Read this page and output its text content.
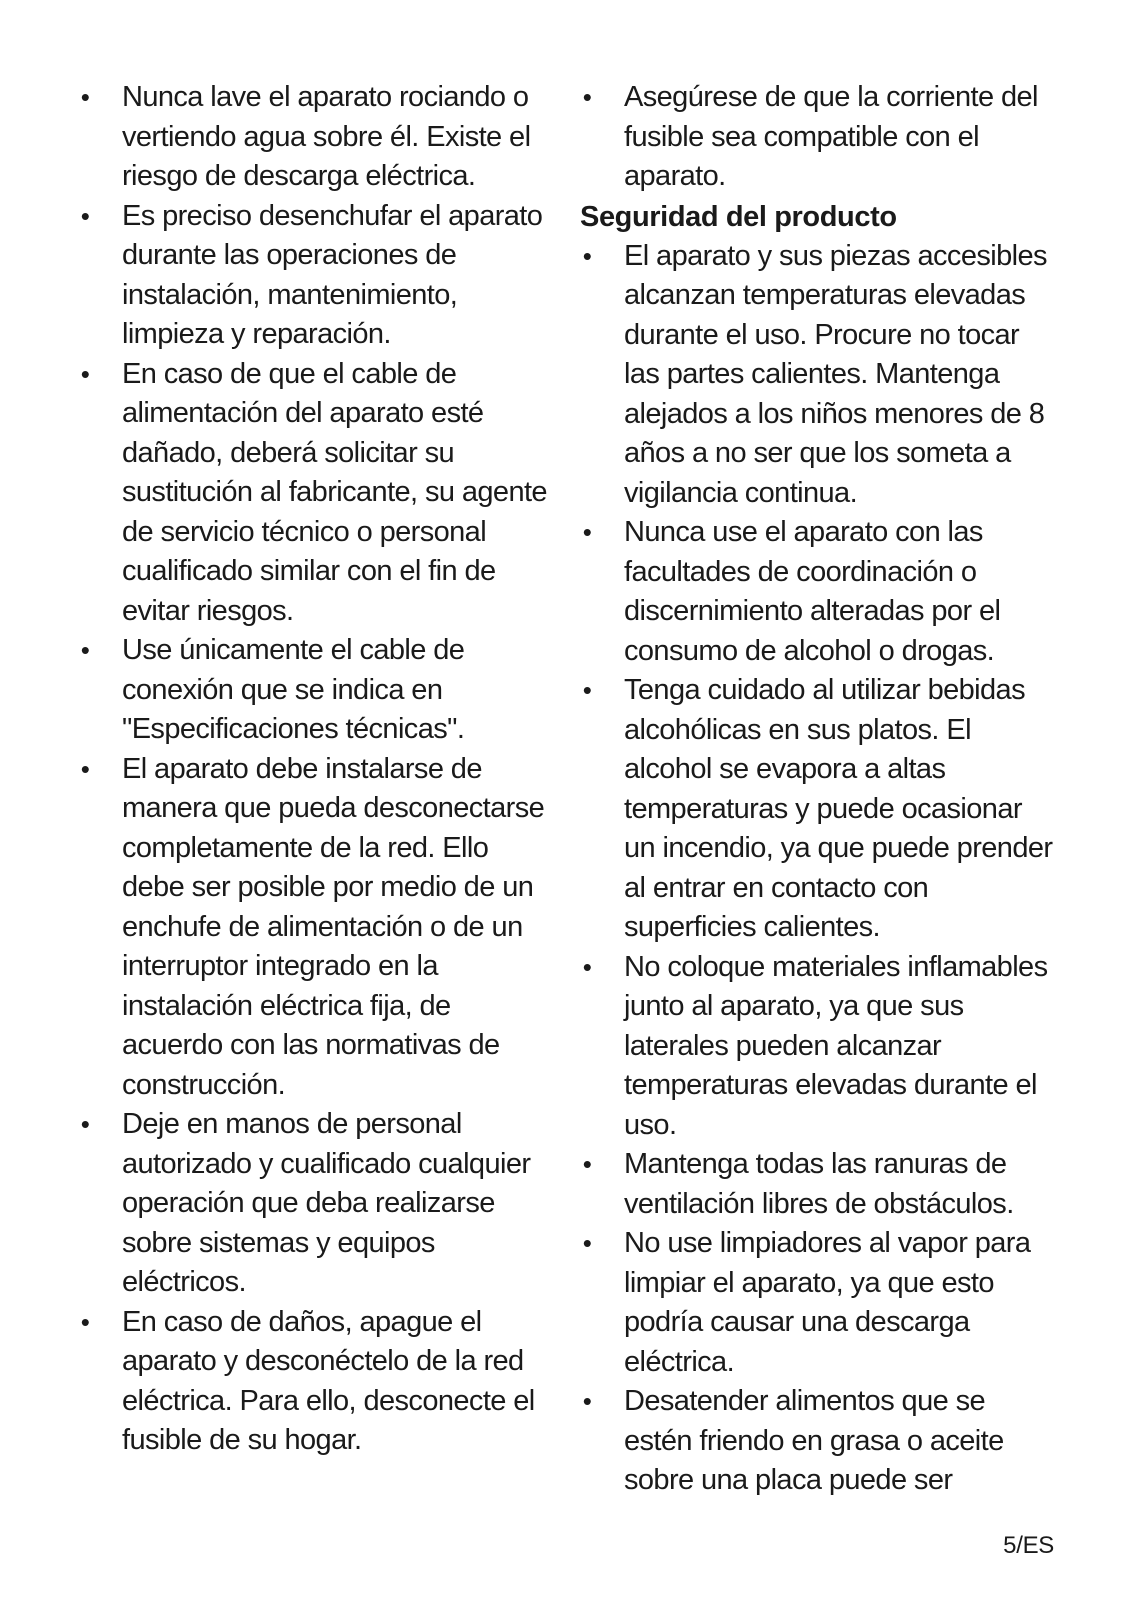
• Nunca lave el aparato rociando o vertiendo agua sobre él. Existe el riesgo de descarga eléctrica.
• Es preciso desenchufar el aparato durante las operaciones de instalación, mantenimiento, limpieza y reparación.
• En caso de que el cable de alimentación del aparato esté dañado, deberá solicitar su sustitución al fabricante, su agente de servicio técnico o personal cualificado similar con el fin de evitar riesgos.
• Use únicamente el cable de conexión que se indica en "Especificaciones técnicas".
• El aparato debe instalarse de manera que pueda desconectarse completamente de la red. Ello debe ser posible por medio de un enchufe de alimentación o de un interruptor integrado en la instalación eléctrica fija, de acuerdo con las normativas de construcción.
• Deje en manos de personal autorizado y cualificado cualquier operación que deba realizarse sobre sistemas y equipos eléctricos.
• En caso de daños, apague el aparato y desconéctelo de la red eléctrica. Para ello, desconecte el fusible de su hogar.
• Asegúrese de que la corriente del fusible sea compatible con el aparato.
Seguridad del producto
• El aparato y sus piezas accesibles alcanzan temperaturas elevadas durante el uso. Procure no tocar las partes calientes. Mantenga alejados a los niños menores de 8 años a no ser que los someta a vigilancia continua.
• Nunca use el aparato con las facultades de coordinación o discernimiento alteradas por el consumo de alcohol o drogas.
• Tenga cuidado al utilizar bebidas alcohólicas en sus platos. El alcohol se evapora a altas temperaturas y puede ocasionar un incendio, ya que puede prender al entrar en contacto con superficies calientes.
• No coloque materiales inflamables junto al aparato, ya que sus laterales pueden alcanzar temperaturas elevadas durante el uso.
• Mantenga todas las ranuras de ventilación libres de obstáculos.
• No use limpiadores al vapor para limpiar el aparato, ya que esto podría causar una descarga eléctrica.
• Desatender alimentos que se estén friendo en grasa o aceite sobre una placa puede ser
5/ES
